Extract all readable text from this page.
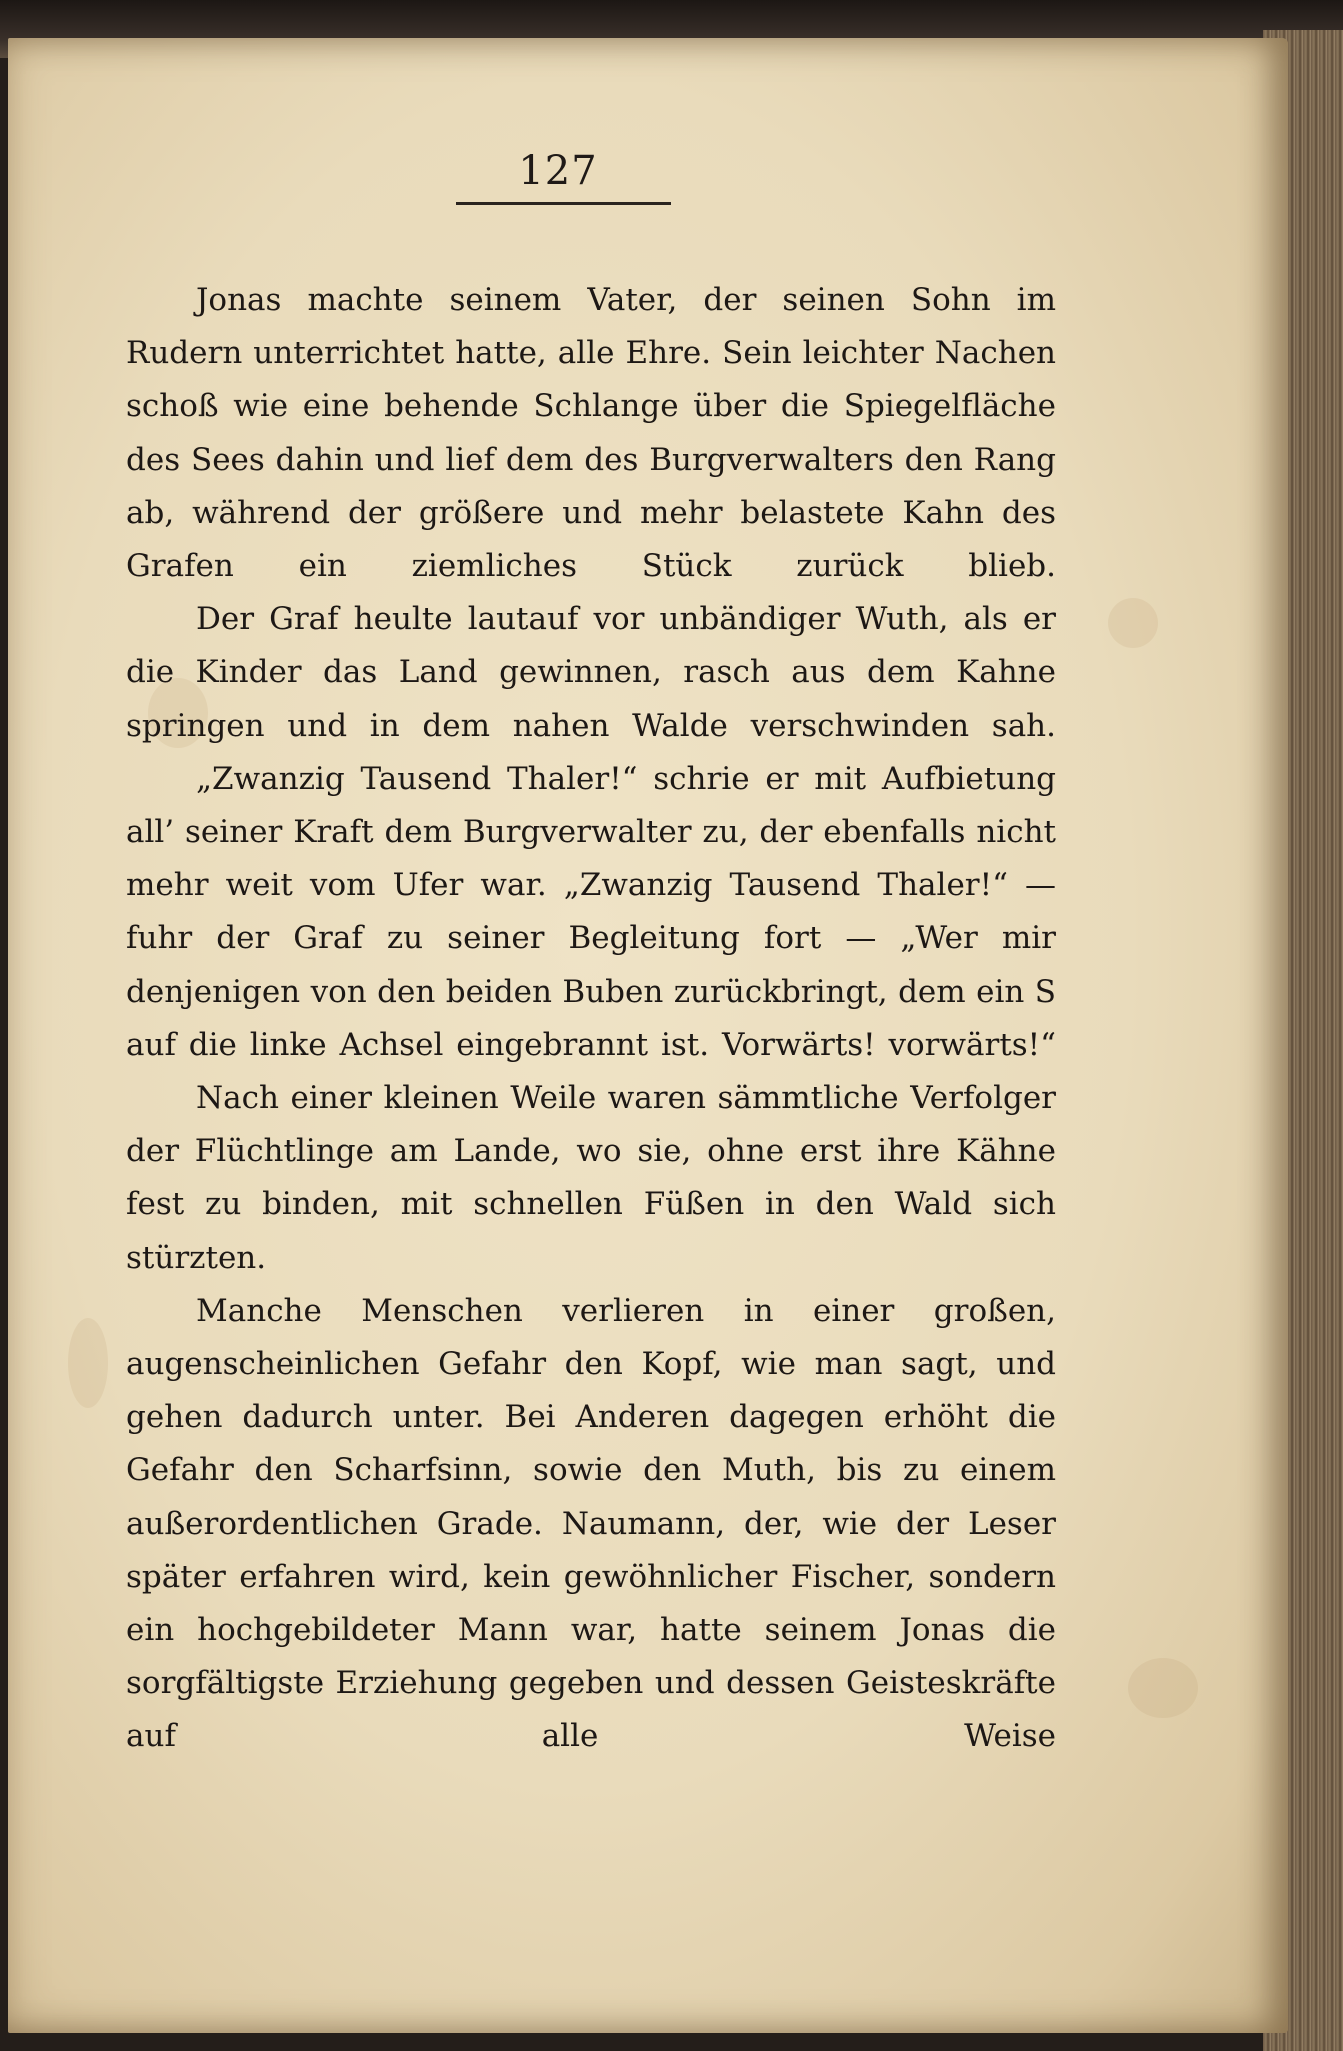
127

Jonas machte seinem Vater, der seinen Sohn im Rudern unterrichtet hatte, alle Ehre. Sein leichter Nachen schoß wie eine behende Schlange über die Spiegelfläche des Sees dahin und lief dem des Burgverwalters den Rang ab, während der größere und mehr belastete Kahn des Grafen ein ziemliches Stück zurück blieb.

Der Graf heulte lautauf vor unbändiger Wuth, als er die Kinder das Land gewinnen, rasch aus dem Kahne springen und in dem nahen Walde verschwinden sah.

„Zwanzig Tausend Thaler!“ schrie er mit Aufbietung all’ seiner Kraft dem Burgverwalter zu, der ebenfalls nicht mehr weit vom Ufer war. „Zwanzig Tausend Thaler!“ — fuhr der Graf zu seiner Begleitung fort — „Wer mir denjenigen von den beiden Buben zurückbringt, dem ein S auf die linke Achsel eingebrannt ist. Vorwärts! vorwärts!“

Nach einer kleinen Weile waren sämmtliche Verfolger der Flüchtlinge am Lande, wo sie, ohne erst ihre Kähne fest zu binden, mit schnellen Füßen in den Wald sich stürzten.

Manche Menschen verlieren in einer großen, augenscheinlichen Gefahr den Kopf, wie man sagt, und gehen dadurch unter. Bei Anderen dagegen erhöht die Gefahr den Scharfsinn, sowie den Muth, bis zu einem außerordentlichen Grade. Naumann, der, wie der Leser später erfahren wird, kein gewöhnlicher Fischer, sondern ein hochgebildeter Mann war, hatte seinem Jonas die sorgfältigste Erziehung gegeben und dessen Geisteskräfte auf alle Weise
